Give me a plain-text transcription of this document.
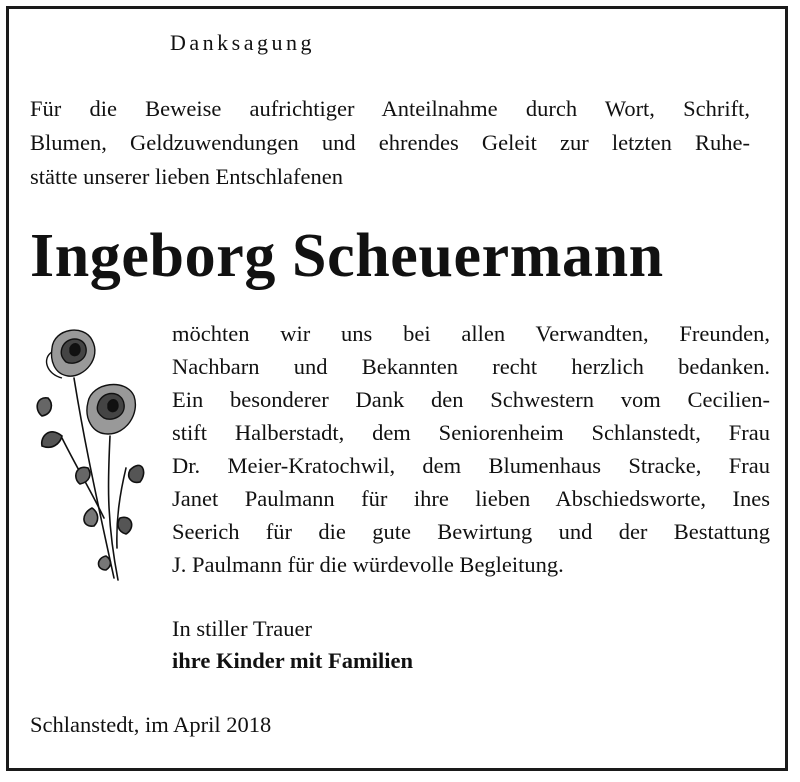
Danksagung
Für die Beweise aufrichtiger Anteilnahme durch Wort, Schrift,
Blumen, Geldzuwendungen und ehrendes Geleit zur letzten Ruhe-
stätte unserer lieben Entschlafenen
Ingeborg Scheuermann
möchten wir uns bei allen Verwandten, Freunden,
Nachbarn und Bekannten recht herzlich bedanken.
Ein besonderer Dank den Schwestern vom Cecilien-
stift Halberstadt, dem Seniorenheim Schlanstedt, Frau
Dr. Meier-Kratochwil, dem Blumenhaus Stracke, Frau
Janet Paulmann für ihre lieben Abschiedsworte, Ines
Seerich für die gute Bewirtung und der Bestattung
J. Paulmann für die würdevolle Begleitung.
In stiller Trauer
ihre Kinder mit Familien
Schlanstedt, im April 2018
